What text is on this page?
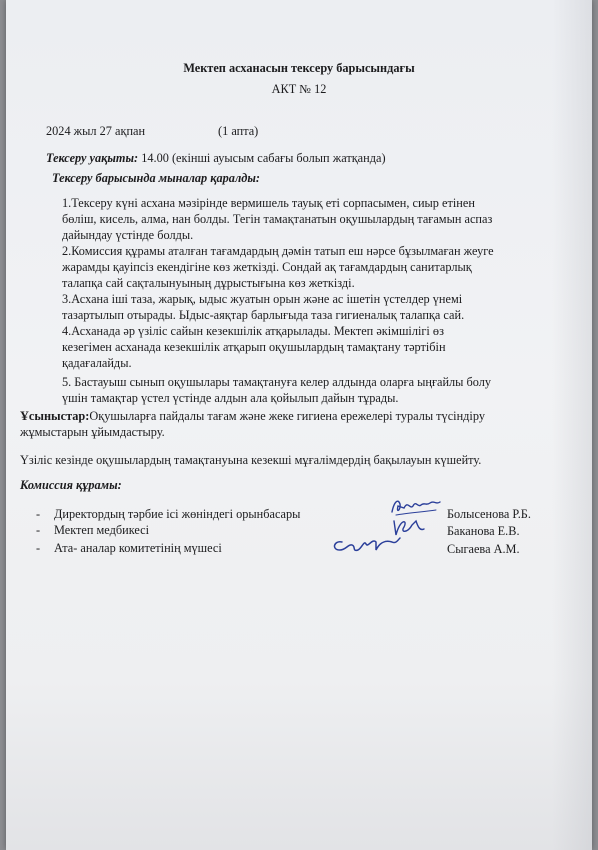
Мектеп асханасын тексеру барысындағы
АКТ № 12
2024 жыл 27 ақпан	(1 апта)
Тексеру уақыты: 14.00 (екінші ауысым сабағы болып жатқанда)
Тексеру барысында мыналар қаралды:
1.Тексеру күні асхана мәзірінде вермишель тауық еті сорпасымен, сиыр етінен
бөліш, кисель, алма, нан болды. Тегін тамақтанатын оқушылардың тағамын аспаз
дайындау үстінде болды.
2.Комиссия құрамы аталған тағамдардың дәмін татып еш нәрсе бұзылмаған жеуге
жарамды қауіпсіз екендігіне көз жеткізді. Сондай ақ тағамдардың санитарлық
талапқа сай сақталынуының дұрыстығына көз жеткізді.
3.Асхана іші таза, жарық, ыдыс жуатын орын және ас ішетін үстелдер үнемі
тазартылып отырады. Ыдыс-аяқтар барлығыда таза гигиеналық талапқа сай.
4.Асханада әр үзіліс сайын кезекшілік атқарылады. Мектеп әкімшілігі өз
кезегімен асханада кезекшілік атқарып оқушылардың тамақтану тәртібін
қадағалайды.
5. Бастауыш сынып оқушылары тамақтануға келер алдында оларға ыңғайлы болу
үшін тамақтар үстел үстінде алдын ала қойылып дайын тұрады.
Ұсыныстар:Оқушыларға пайдалы тағам және жеке гигиена ережелері туралы түсіндіру
жұмыстарын ұйымдастыру.
Үзіліс кезінде оқушылардың тамақтануына кезекші мұғалімдердің бақылауын күшейту.
Комиссия құрамы:
- Директордың тәрбие ісі жөніндегі орынбасары	Болысенова Р.Б.
- Мектеп медбикесі	Баканова Е.В.
- Ата- аналар комитетінің мүшесі	Сыгаева А.М.
